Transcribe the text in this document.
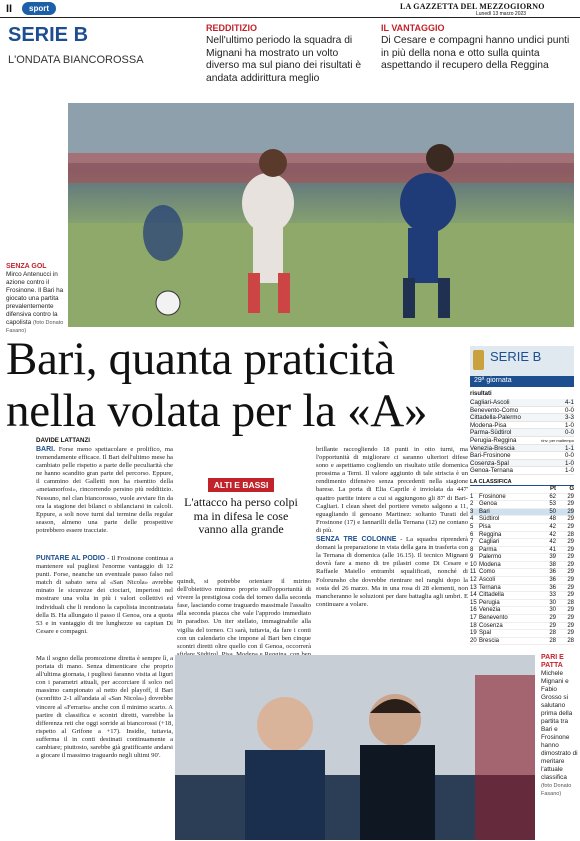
II	sport	LA GAZZETTA DEL MEZZOGIORNO
Lunedì 13 marzo 2023
SERIE B
L'ONDATA BIANCOROSSA
REDDITIZIO
Nell'ultimo periodo la squadra di Mignani ha mostrato un volto diverso ma sul piano dei risultati è andata addirittura meglio
IL VANTAGGIO
Di Cesare e compagni hanno undici punti in più della nona e otto sulla quinta aspettando il recupero della Reggina
SENZA GOL
Mirco Antenucci in azione contro il Frosinone. Il Bari ha giocato una partita prevalentemente difensiva contro la capolista (foto Donato Fasano)
Bari, quanta praticità nella volata per la «A»
DAVIDE LATTANZI

BARI. Forse meno spettacolare e prolifico, ma tremendamente efficace. Il Bari dell'ultimo mese ha cambiato pelle rispetto a parte delle peculiarità che ne hanno scandito gran parte del percorso. Eppure, il cammino dei Galletti non ha risentito della «metamorfosi», rincorrendo persino più redditizio. Nessuno, nel clan biancorosso, vuole avviare fin da ora la stagione dei bilanci o sbilanciarsi in calcoli. Eppure, a soli nove turni dal termine della regular season, almeno una parte delle prospettive potrebbero essere tracciate.

PUNTARE AL PODIO - Il Frosinone continua a mantenere sul pugliesi l'enorme vantaggio di 12 punti. Forse, neanche un eventuale passo falso nel match di sabato sera al «San Nicola» avrebbe minato le sicurezze dei ciociari, imperiosi nel mostrare una volta in più i valori collettivi ed individuali che li rendono la capolista incontrastata della B. Ha allungato il passo il Genoa, ora a quota 53 e in vantaggio di tre lunghezze su capitan Di Cesare e compagni.

Ma il sogno della promozione diretta è sempre lì, a portata di mano. Senza dimenticare che proprio all'ultima giornata, i pugliesi faranno visita ai liguri con i parametri attuali, per accorciare il solco nel massimo campionato al netto del playoff, il Bari (sconfitto 2-1 all'andata al «San Nicola») dovrebbe vincere al «Ferraris» anche con il minimo scarto. A partire di classifica e scontri diretti, varrebbe la differenza reti che oggi sorride ai biancorossi (+18, rispetto al Grifone a +17). Insidie, tuttavia, sufferma il in conti destinati continuamente a cambiare; piuttosto, sarebbe già gratificante andarsi a giocare il massimo traguardo negli ultimi 90'.

quindi, si potrebbe orientare il mirino dell'obiettivo minimo proprio sull'opportunità di vivere la prestigiosa coda del torneo dalla seconda fase, lasciando come traguardo massimale l'assalto alla seconda piazza che vale l'approdo immediato in paradiso. Un iter stellato, immaginabile alla vigilia del torneo. Ci sarà, tuttavia, da fare i conti con un calendario che impone al Bari ben cinque scontri diretti oltre quello con il Genoa, occorrerà

ALTI E BASSI
L'attacco ha perso colpi ma in difesa le cose vanno alla grande

brillante raccogliendo 18 punti in otto turni, ma l'opportunità di migliorare ci saranno ulteriori difese sono e aspettiamo cogliendo un risultato utile domenica prossima a Terni. Il valore aggiunto di tale striscia è un rendimento difensivo senza precedenti nella stagione barese. La porta di Elia Caprile è inviolata da 447' quattro partite intere a cui si aggiungono gli 87' di Bari-Cagliari. I clean sheet del portiere veneto salgono a 11, eguagliando il genoano Martinez: soltanto Turati del Frosinone (17) e Iannarilli della Ternana (12) ne contano di più.

SENZA TRE COLONNE - La squadra riprenderà domani la preparazione in vista della gara in trasferta con la Ternana di domenica (alle 16.15). Il tecnico Mignani dovrà fare a meno di tre pilastri come Di Cesare e Raffaele Maiello entrambi squalificati, nonché di Folorunsho che dovrebbe rientrare nel ranghi dopo la sosta del 26 marzo. Ma in una rosa di 28 elementi, non mancheranno le soluzioni per dare battaglia agli umbri. E continuare a volare.

SERIE B
29ª giornata
risultati
Cagliari-Ascoli	4-1
Benevento-Como	0-0
Cittadella-Palermo	3-3
Modena-Pisa	1-0
Parma-Südtirol	0-0
Perugia-Reggina	rinv. per maltempo
Venezia-Brescia	1-1
Bari-Frosinone	0-0
Cosenza-Spal	1-0
Genoa-Ternana	1-0
LA CLASSIFICA
Pt	G
1 Frosinone	62	29
2 Genoa	53	29
3 Bari	50	29
4 Südtirol	48	29
5 Pisa	42	29
6 Reggina	42	28
7 Cagliari	42	29
8 Parma	41	29
9 Palermo	39	29
10 Modena	38	29
11 Como	36	29
12 Ascoli	36	29
13 Ternana	36	29
14 Cittadella	33	29
15 Perugia	30	28
16 Venezia	30	29
17 Benevento	29	29
18 Cosenza	29	29
19 Spal	28	29
20 Brescia	28	28
PARI E PATTA
Michele Mignani e Fabio Grosso si salutano prima della partita tra Bari e Frosinone hanno dimostrato di meritare l'attuale classifica (foto Donato Fasano)
